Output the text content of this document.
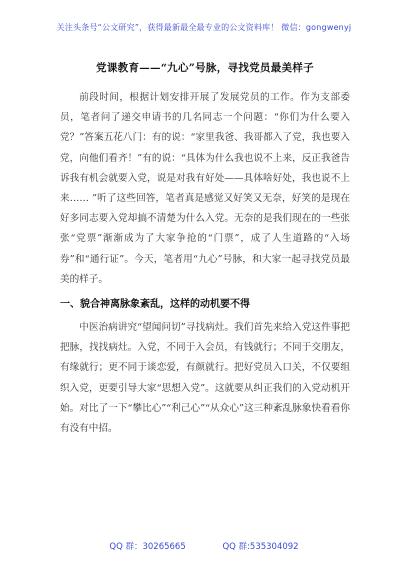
关注头条号“公文研究”，获得最新最全最专业的公文资料库！ 微信：gongwenyj
党课教育——“九心”号脉，寻找党员最美样子

前段时间，根据计划安排开展了发展党员的工作。作为支部委员，笔者问了递交申请书的几名同志一个问题：“你们为什么要入党？”答案五花八门：有的说：“家里我爸、我哥都入了党，我也要入党，向他们看齐！”有的说：“具体为什么我也说不上来，反正我爸告诉我有机会就要入党，说是对我有好处——具体啥好处，我也说不上来…… ”听了这些回答，笔者真是感觉又好笑又无奈，好笑的是现在好多同志要入党却搞不清楚为什么入党。无奈的是我们现在的一些张张“党票”渐渐成为了大家争抢的“门票”，成了人生道路的“入场券”和“通行证”。今天，笔者用“九心”号脉，和大家一起寻找党员最美的样子。

一、貌合神离脉象紊乱，这样的动机要不得

中医治病讲究“望闻问切”寻找病灶。我们首先来给入党这件事把把脉，找找病灶。入党，不同于入会员，有钱就行；不同于交朋友，有缘就行；更不同于谈恋爱，有颜就行。把好党员入口关，不仅要组织入党，更要引导大家“思想入党”。这就要从纠正我们的入党动机开始。对比了一下“攀比心”“利己心”“从众心”这三种紊乱脉象快看看你有没有中招。

QQ 群：30265665	QQ 群:535304092
